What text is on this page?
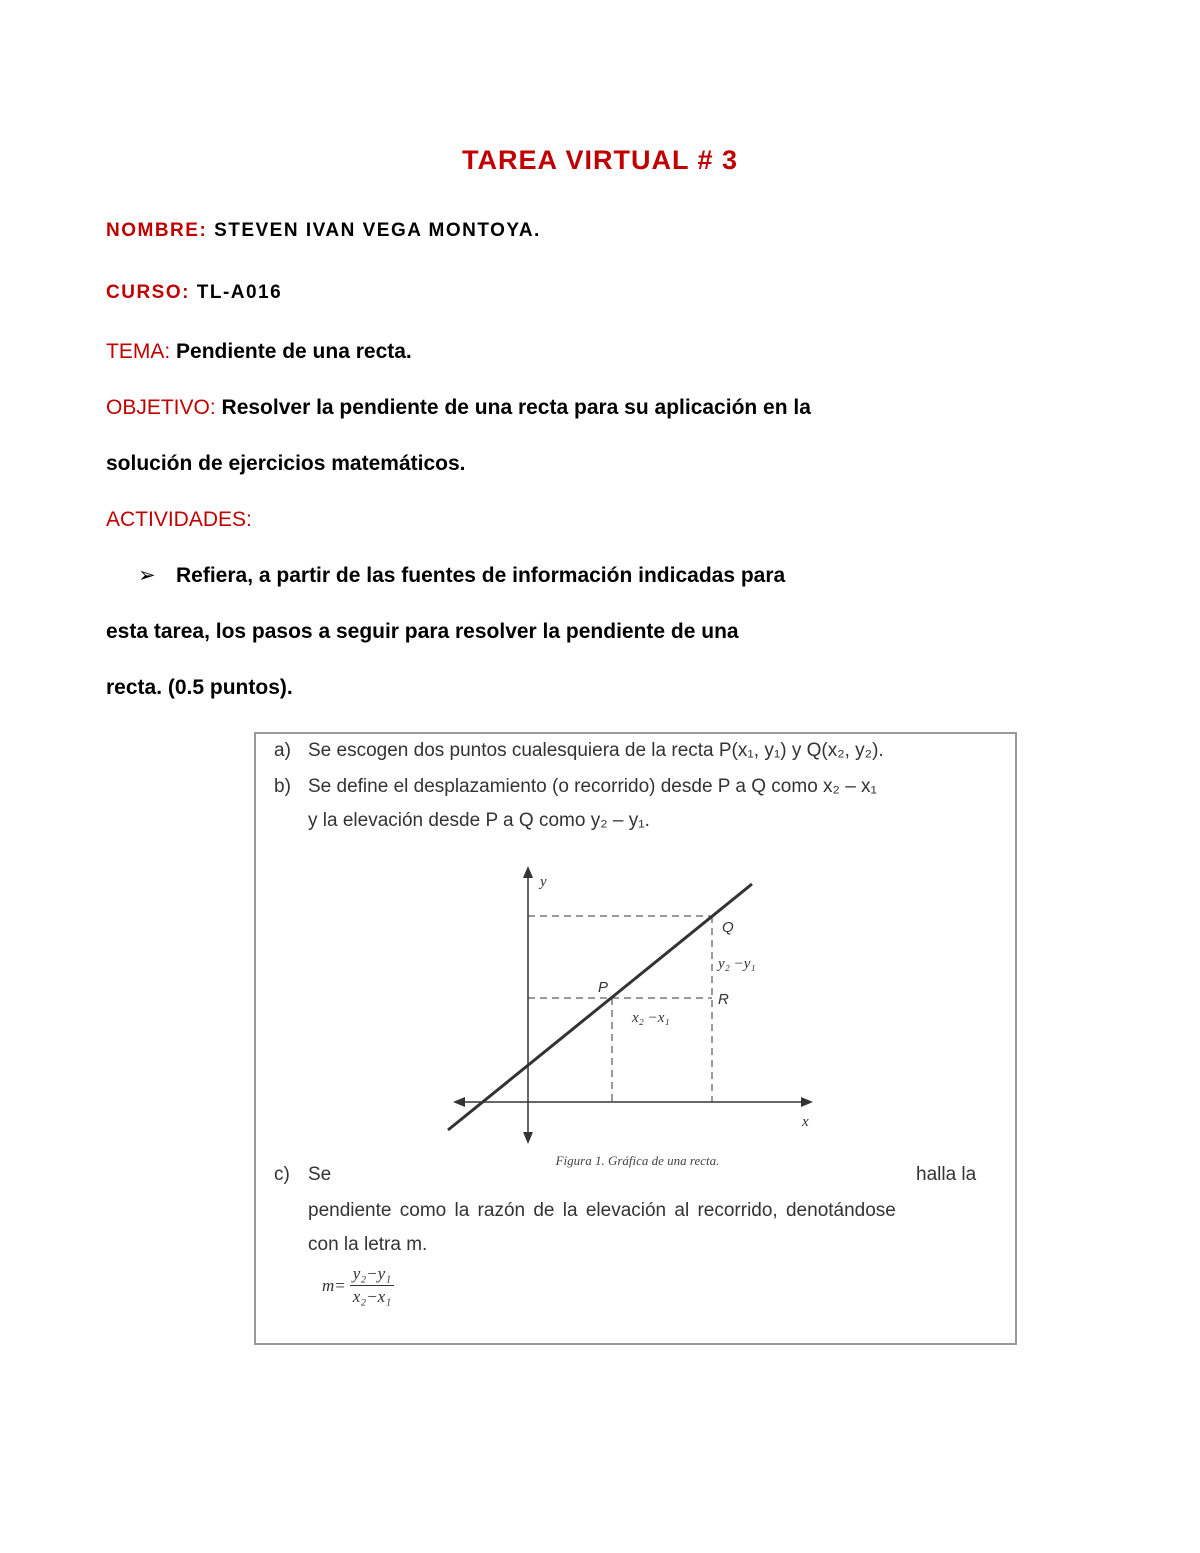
TAREA VIRTUAL # 3
NOMBRE: STEVEN IVAN VEGA MONTOYA.
CURSO: TL-A016
TEMA: Pendiente de una recta.
OBJETIVO: Resolver la pendiente de una recta para su aplicación en la
solución de ejercicios matemáticos.
ACTIVIDADES:
➢ Refiera, a partir de las fuentes de información indicadas para
esta tarea, los pasos a seguir para resolver la pendiente de una
recta. (0.5 puntos).
a) Se escogen dos puntos cualesquiera de la recta P(x₁, y₁) y Q(x₂, y₂).
b) Se define el desplazamiento (o recorrido) desde P a Q como x₂ – x₁
y la elevación desde P a Q como y₂ – y₁.
y
x
P
Q
R
y₂ −y₁
x₂ −x₁
Figura 1. Gráfica de una recta.
c) Se	halla la
pendiente como la razón de la elevación al recorrido, denotándose
con la letra m.
$m= \frac{\text{y₂−y₁}}{\text{x₂−x₁}}$
